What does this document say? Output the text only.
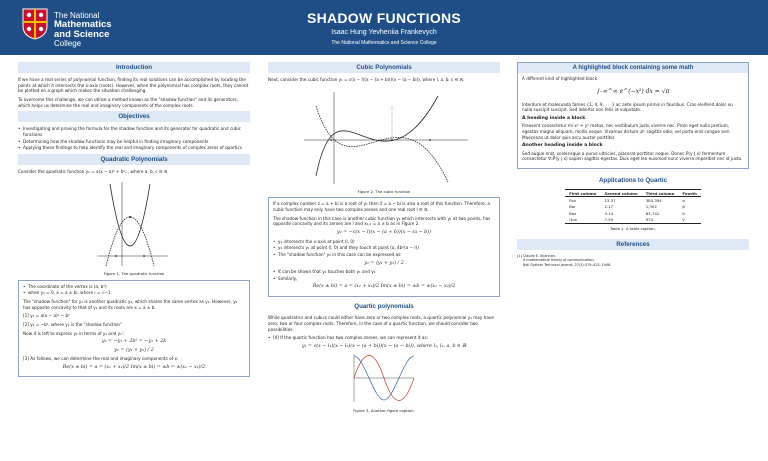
The National
Mathematics
and Science
College
SHADOW FUNCTIONS
Isaac Hung Yevheniia Frankevych
The National Mathematics and Science College
Introduction

If we have a real series of polynomial function, finding its real solutions can be accomplished by locating the points at which it intersects the x-axis (roots). However, when the polynomial has complex roots, they cannot be plotted on a graph which makes the situation challenging.

To overcome this challenge, we can utilise a method known as the "shadow function" and its generators, which helps us determine the real and imaginary components of the complex roots.

Objectives
• Investigating and proving the formula for the shadow function and its generator for quadratic and cubic functions
• Determining how the shadow functions may be helpful in finding imaginary components
• Applying these findings to help identify the real and imaginary components of complex zeros of quartics
Quadratic Polynomials

Consider the quadratic function y₁ = a(x − a)² + b², , where a, b, c ∈ ℝ

Figure 1. The quadratic function
• The coordinate of the vertex is (a, b²)
• when y₂ = 0, x = a ± bi, where i = √−1

The "shadow function" for y₁ is another quadratic y₂, which shares the same vertex as y₁. However, y₂ has opposite concavity to that of y₁ and its roots are x = a ± b.

[1] y₁ = a(x − a)² − b²

[2] y₂ = −b², where y₂ is the "shadow function"

Now it is left to express y₂ in terms of y₁ and y₁′:

y₂ = −y₁ + 2b² = −y₁ + 2k
y₂ = (y₁ + y₂) / 2

[3] As follows, we can determine the real and imaginary components of x:

Re(x ± bi) = a = (x₁ + x₂)/2 Im(x ± bi) = ±b = ±(x₁ − x₂)/2
Cubic Polynomials

Next, consider the cubic function y₁ = c(x − l)(x − (a + bi))(x − (a − bi)), where l, a, b, c ∈ ℝ.

Figure 2. The cubic function

If a complex number z = a + bi is a root of y₁ then z̄ = a − bi is also a root of this function. Therefore, a cubic function may only have two complex zeroes and one real root l ∈ ℝ.

The shadow function in this case is another cubic function y₂ which intersects with y₁ at two points, has opposite concavity and its zeroes are l and x₁,₂ = a ± b as in Figure 2.

y₂ = −c(x − l)(x − (a + b))(x − (a − b))
• y₁ intersects the x-axis at point (l, 0)
• y₂ intersects y₁ at point (l, 0) and they touch at point (a, 4b²(a − l))
• The "shadow function" y₂ in this case can be expressed as:
y₂ = (y₁ + y₂) / 2
• It can be shown that y₂ touches both y₁ and y₂
• Similarly,
Re(x ± bi) = a = (x₁ + x₂)/2 Im(x ± bi) = ±b = ±(x₁ − x₂)/2
Quartic polynomials

While quadratics and cubics could either have zero or two complex roots, a quartic polynomial y₁ may have zero, two or four complex roots. Therefore, in the case of a quartic function, we should consider two possibilities.

• [4] If the quartic function has two complex zeroes, we can represent it as:
y₁ = c(x − l₁)(x − l₂)(x − (a + bi))(x − (a − bi)), where l₁, l₂, a, b ∈ ℝ
Figure 3. Another figure caption.
A highlighted block containing some math

A different kind of highlighted block.

∫₋∞^∞ e^(−x²) dx = √π

Interdum et malesuada fames {1, 4, 9, . . .} ac ante ipsum primis in faucibus. Cras eleifend dolor eu nulla suscipit suscipit. Sed lobortis non felis id vulputate.

A heading inside a block

Praesent consectetur mi x² + y² metus, nec vestibulum justo viverra nec. Proin eget nulla pretium, egestas magna aliquam, mollis neque. Vivamus dictum ulᵖ sagittis odio, vel porta erat congue sed. Maecenas ut dolor quis arcu auctor porttitor.

Another heading inside a block

Sed augue erat, scelerisque a purus ultricies, placerat porttitor neque. Donec P(y | x) fermentum consectetur ∇ₓP(y | x) sapien sagittis egestas. Duis eget leo euismod nunc viverra imperdiet nec id justo.

Applications to Quartic
First column	Second column	Third column	Fourth
Foo	13.37	384,394	α
Bar	2.17	1,392	β
Baz	3.14	83,742	δ
Qux	7.59	974	γ
Table 1. A table caption.
References
[1] Claude E. Shannon.
A mathematical theory of communication.
Bell System Technical Journal, 27(3):379–423, 1948.
